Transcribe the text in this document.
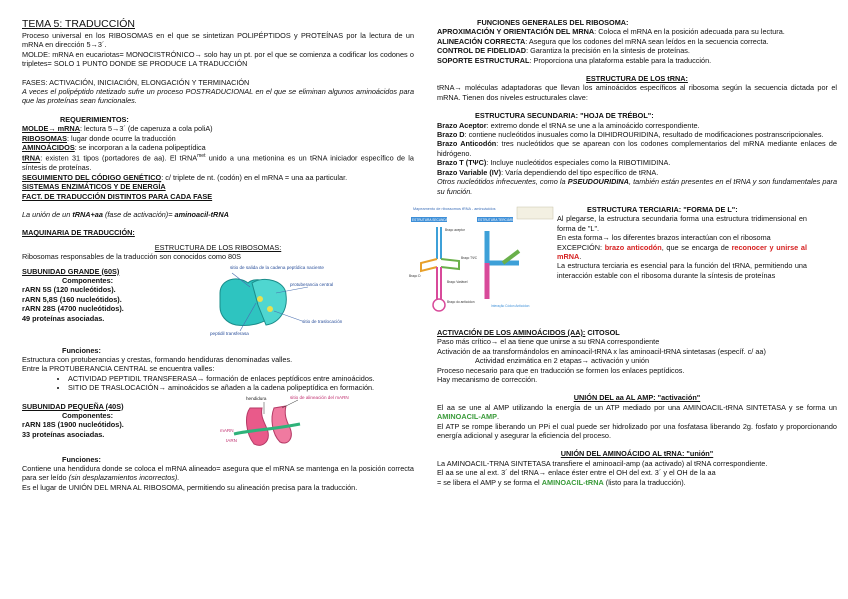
TEMA 5: TRADUCCIÓN

Proceso universal en los RIBOSOMAS en el que se sintetizan POLIPÉPTIDOS y PROTEÍNAS por la lectura de un mRNA en dirección 5→3´.

MOLDE: mRNA en eucariotas= MONOCISTRÓNICO→ solo hay un pt. por el que se comienza a codificar los codones o tripletes= SOLO 1 PUNTO DONDE SE PRODUCE LA TRADUCCIÓN

FASES: ACTIVACIÓN, INICIACIÓN, ELONGACIÓN Y TERMINACIÓN

A veces el polipéptido ntetizado sufre un proceso POSTRADUCIONAL en el que se eliminan algunos aminoácidos para que las proteínas sean funcionales.

REQUERIMIENTOS:

MOLDE→ mRNA: lectura 5→3´ (de caperuza a cola poliA)

RIBOSOMAS: lugar donde ocurre la traducción

AMINOÁCIDOS: se incorporan a la cadena polipeptídica

tRNA: existen 31 tipos (portadores de aa). El tRNA$^{met}$ unido a una metionina es un tRNA iniciador específico de la síntesis de proteínas.

SEGUIMIENTO DEL CÓDIGO GENÉTICO: c/ triplete de nt. (codón) en el mRNA = una aa particular.

SISTEMAS ENZIMÁTICOS Y DE ENERGÍA

FACT. DE TRADUCCIÓN DISTINTOS PARA CADA FASE

La unión de un tRNA+aa (fase de activación)= aminoacil-tRNA

MAQUINARIA DE TRADUCCIÓN:

ESTRUCTURA DE LOS RIBOSOMAS:

Ribosomas responsables de la traducción son conocidos como 80S

SUBUNIDAD GRANDE (60S)

Componentes:

rARN 5S (120 nucleótidos).

rARN 5,8S (160 nucleótidos).

rARN 28S (4700 nucleótidos).

49 proteínas asociadas.

sitio de salida de la cadena peptídica naciente
protuberancia central
sitio de traslocación
peptidil transferasa

Funciones:

Estructura con protuberancias y crestas, formando hendiduras denominadas valles.

Entre la PROTUBERANCIA CENTRAL se encuentra valles:

• ACTIVIDAD PEPTIDIL TRANSFERASA→ formación de enlaces peptídicos entre aminoácidos.
• SITIO DE TRASLOCACIÓN→ aminoácidos se añaden a la cadena polipeptídica en formación.

SUBUNIDAD PEQUEÑA (40S)

Componentes:

rARN 18S (1900 nucleótidos).

33 proteínas asociadas.

hendidura	sitio de alineación del mARN
mARN
tARN

Funciones:

Contiene una hendidura donde se coloca el mRNA alineado= asegura que el mRNA se mantenga en la posición correcta para ser leído (sin desplazamientos incorrectos).

Es el lugar de UNIÓN DEL MRNA AL RIBOSOMA, permitiendo su alineación precisa para la traducción.

FUNCIONES GENERALES DEL RIBOSOMA:

APROXIMACIÓN Y ORIENTACIÓN DEL MRNA: Coloca el mRNA en la posición adecuada para su lectura.

ALINEACIÓN CORRECTA: Asegura que los codones del mRNA sean leídos en la secuencia correcta.

CONTROL DE FIDELIDAD: Garantiza la precisión en la síntesis de proteínas.

SOPORTE ESTRUCTURAL: Proporciona una plataforma estable para la traducción.

ESTRUCTURA DE LOS tRNA:

tRNA→ moléculas adaptadoras que llevan los aminoácidos específicos al ribosoma según la secuencia dictada por el mRNA. Tienen dos niveles estructurales clave:

ESTRUCTURA SECUNDARIA: "HOJA DE TRÉBOL":

Brazo Aceptor: extremo donde el tRNA se une a la aminoácido correspondiente.

Brazo D: contiene nucleótidos inusuales como la DIHIDROURIDINA, resultado de modificaciones postranscripcionales.

Brazo Anticodón: tres nucleótidos que se aparean con los codones complementarios del mRNA mediante enlaces de hidrógeno.

Brazo T (TΨC): Incluye nucleótidos especiales como la RIBOTIMIDINA.

Brazo Variable (IV): Varía dependiendo del tipo específico de tRNA.

Otros nucleótidos infrecuentes, como la PSEUDOURIDINA, también están presentes en el tRNA y son fundamentales para su función.

Mapeamento de ribossomos tRNA - aminoácidos
ESTRUTURA SECUNDÁRIA	ESTRUTURA TERCIÁRIA
Braço aceptor
Braço D
Braço TΨC
Braço Variável
Braço do anticódon
Interação Códon Anticódon

ESTRUCTURA TERCIARIA: "FORMA DE L":

Al plegarse, la estructura secundaria forma una estructura tridimensional en forma de "L".

En esta forma→ los diferentes brazos interactúan con el ribosoma

EXCEPCIÓN: brazo anticodón, que se encarga de reconocer y unirse al mRNA.

La estructura terciaria es esencial para la función del tRNA, permitiendo una interacción estable con el ribosoma durante la síntesis de proteínas

ACTIVACIÓN DE LOS AMINOÁCIDOS (AA): CITOSOL

Paso más crítico→ el aa tiene que unirse a su tRNA correspondiente

Activación de aa transformándolos en aminoacil-tRNA x las aminoacil-tRNA sintetasas (específ. c/ aa)

Actividad enzimática en 2 etapas→ activación y unión

Proceso necesario para que en traducción se formen los enlaces peptídicos.

Hay mecanismo de corrección.

UNIÓN DEL aa AL AMP: "activación"

El aa se une al AMP utilizando la energía de un ATP mediado por una AMINOACIL-tRNA SINTETASA y se forma un AMINOACIL-AMP.

El ATP se rompe liberando un PPi el cual puede ser hidrolizado por una fosfatasa liberando 2g. fosfato y proporcionando energía adicional y asegurar la eficiencia del proceso.

UNIÓN DEL AMINOÁCIDO AL tRNA: "unión"

La AMINOACIL-TRNA SINTETASA transfiere el aminoacil-amp (aa activado) al tRNA correspondiente.

El aa se une al ext. 3´ del tRNA→ enlace éster entre el OH del ext. 3´ y el OH de la aa

= se libera el AMP y se forma el AMINOACIL-tRNA (listo para la traducción).
